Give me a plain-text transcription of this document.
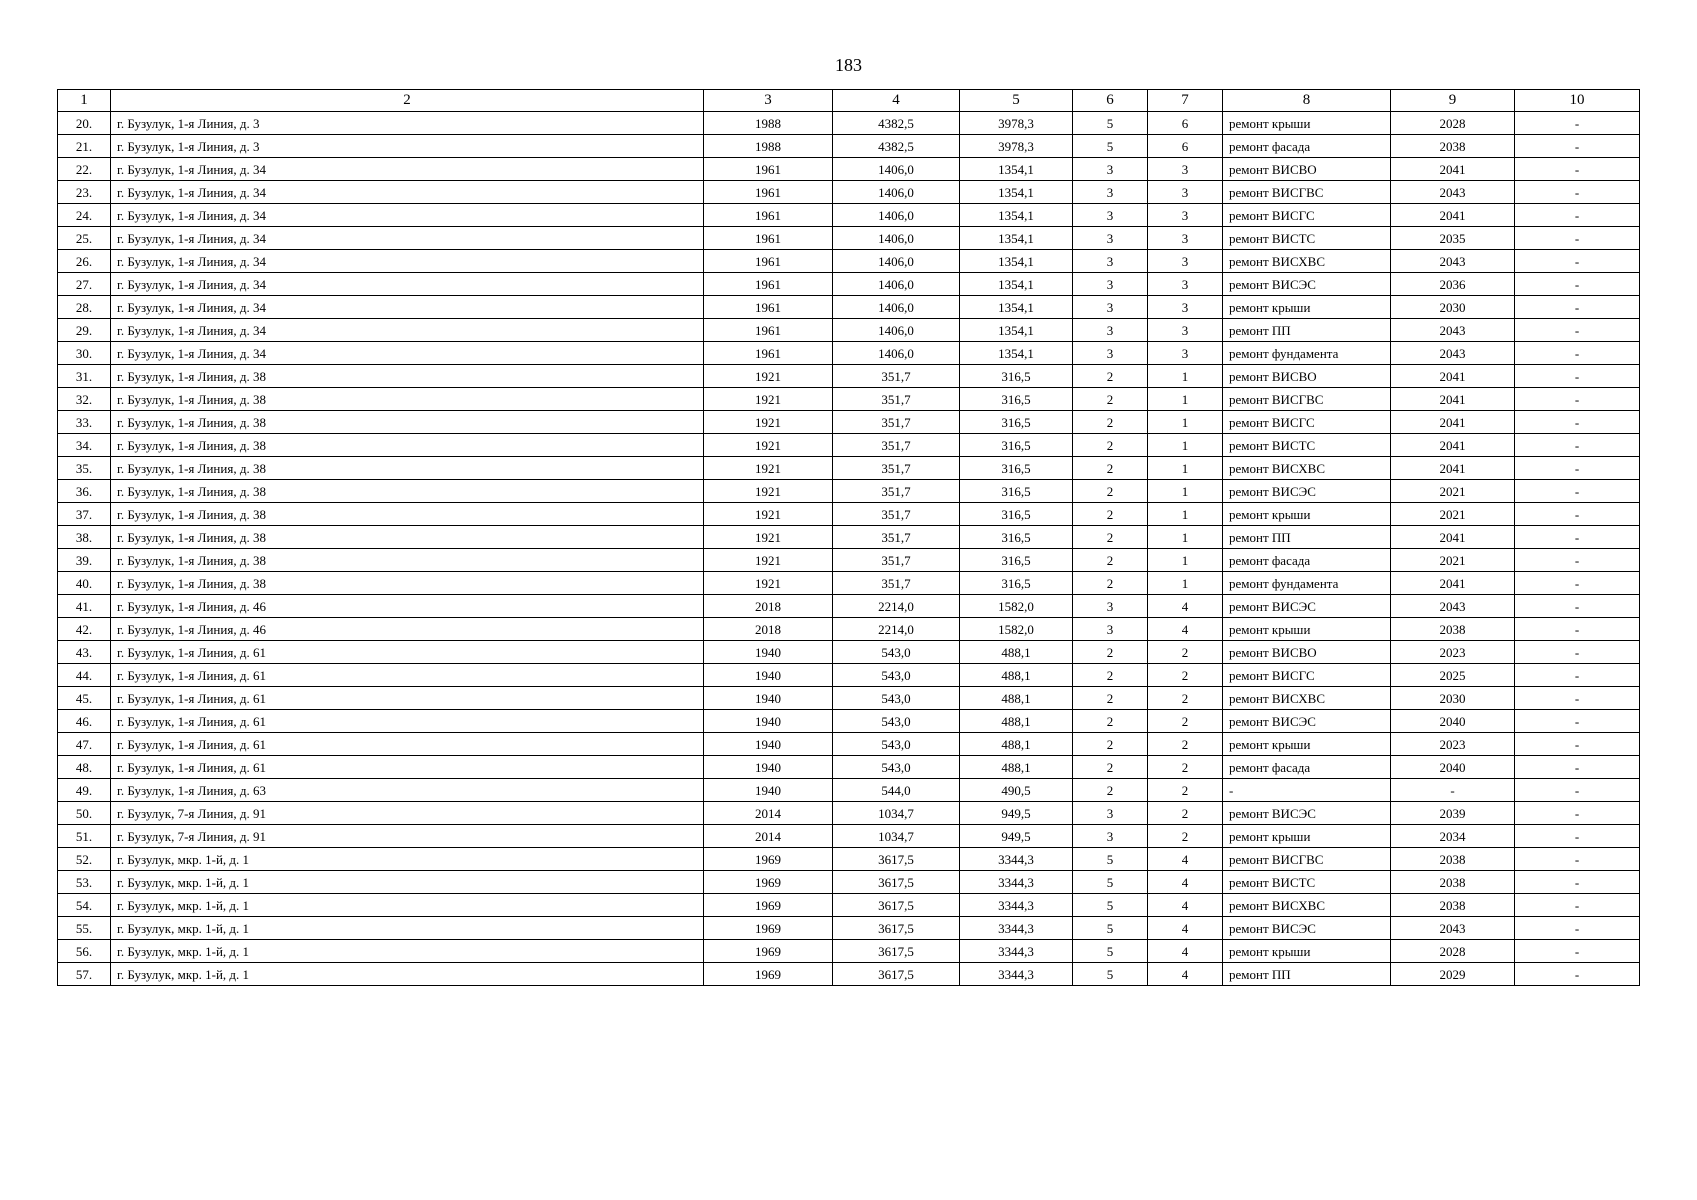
183
1	2	3	4	5	6	7	8	9	10
20.	г. Бузулук, 1-я Линия, д. 3	1988	4382,5	3978,3	5	6	ремонт крыши	2028	-
21.	г. Бузулук, 1-я Линия, д. 3	1988	4382,5	3978,3	5	6	ремонт фасада	2038	-
22.	г. Бузулук, 1-я Линия, д. 34	1961	1406,0	1354,1	3	3	ремонт ВИСВО	2041	-
23.	г. Бузулук, 1-я Линия, д. 34	1961	1406,0	1354,1	3	3	ремонт ВИСГВС	2043	-
24.	г. Бузулук, 1-я Линия, д. 34	1961	1406,0	1354,1	3	3	ремонт ВИСГС	2041	-
25.	г. Бузулук, 1-я Линия, д. 34	1961	1406,0	1354,1	3	3	ремонт ВИСТС	2035	-
26.	г. Бузулук, 1-я Линия, д. 34	1961	1406,0	1354,1	3	3	ремонт ВИСХВС	2043	-
27.	г. Бузулук, 1-я Линия, д. 34	1961	1406,0	1354,1	3	3	ремонт ВИСЭС	2036	-
28.	г. Бузулук, 1-я Линия, д. 34	1961	1406,0	1354,1	3	3	ремонт крыши	2030	-
29.	г. Бузулук, 1-я Линия, д. 34	1961	1406,0	1354,1	3	3	ремонт ПП	2043	-
30.	г. Бузулук, 1-я Линия, д. 34	1961	1406,0	1354,1	3	3	ремонт фундамента	2043	-
31.	г. Бузулук, 1-я Линия, д. 38	1921	351,7	316,5	2	1	ремонт ВИСВО	2041	-
32.	г. Бузулук, 1-я Линия, д. 38	1921	351,7	316,5	2	1	ремонт ВИСГВС	2041	-
33.	г. Бузулук, 1-я Линия, д. 38	1921	351,7	316,5	2	1	ремонт ВИСГС	2041	-
34.	г. Бузулук, 1-я Линия, д. 38	1921	351,7	316,5	2	1	ремонт ВИСТС	2041	-
35.	г. Бузулук, 1-я Линия, д. 38	1921	351,7	316,5	2	1	ремонт ВИСХВС	2041	-
36.	г. Бузулук, 1-я Линия, д. 38	1921	351,7	316,5	2	1	ремонт ВИСЭС	2021	-
37.	г. Бузулук, 1-я Линия, д. 38	1921	351,7	316,5	2	1	ремонт крыши	2021	-
38.	г. Бузулук, 1-я Линия, д. 38	1921	351,7	316,5	2	1	ремонт ПП	2041	-
39.	г. Бузулук, 1-я Линия, д. 38	1921	351,7	316,5	2	1	ремонт фасада	2021	-
40.	г. Бузулук, 1-я Линия, д. 38	1921	351,7	316,5	2	1	ремонт фундамента	2041	-
41.	г. Бузулук, 1-я Линия, д. 46	2018	2214,0	1582,0	3	4	ремонт ВИСЭС	2043	-
42.	г. Бузулук, 1-я Линия, д. 46	2018	2214,0	1582,0	3	4	ремонт крыши	2038	-
43.	г. Бузулук, 1-я Линия, д. 61	1940	543,0	488,1	2	2	ремонт ВИСВО	2023	-
44.	г. Бузулук, 1-я Линия, д. 61	1940	543,0	488,1	2	2	ремонт ВИСГС	2025	-
45.	г. Бузулук, 1-я Линия, д. 61	1940	543,0	488,1	2	2	ремонт ВИСХВС	2030	-
46.	г. Бузулук, 1-я Линия, д. 61	1940	543,0	488,1	2	2	ремонт ВИСЭС	2040	-
47.	г. Бузулук, 1-я Линия, д. 61	1940	543,0	488,1	2	2	ремонт крыши	2023	-
48.	г. Бузулук, 1-я Линия, д. 61	1940	543,0	488,1	2	2	ремонт фасада	2040	-
49.	г. Бузулук, 1-я Линия, д. 63	1940	544,0	490,5	2	2	-	-	-
50.	г. Бузулук, 7-я Линия, д. 91	2014	1034,7	949,5	3	2	ремонт ВИСЭС	2039	-
51.	г. Бузулук, 7-я Линия, д. 91	2014	1034,7	949,5	3	2	ремонт крыши	2034	-
52.	г. Бузулук, мкр. 1-й, д. 1	1969	3617,5	3344,3	5	4	ремонт ВИСГВС	2038	-
53.	г. Бузулук, мкр. 1-й, д. 1	1969	3617,5	3344,3	5	4	ремонт ВИСТС	2038	-
54.	г. Бузулук, мкр. 1-й, д. 1	1969	3617,5	3344,3	5	4	ремонт ВИСХВС	2038	-
55.	г. Бузулук, мкр. 1-й, д. 1	1969	3617,5	3344,3	5	4	ремонт ВИСЭС	2043	-
56.	г. Бузулук, мкр. 1-й, д. 1	1969	3617,5	3344,3	5	4	ремонт крыши	2028	-
57.	г. Бузулук, мкр. 1-й, д. 1	1969	3617,5	3344,3	5	4	ремонт ПП	2029	-
